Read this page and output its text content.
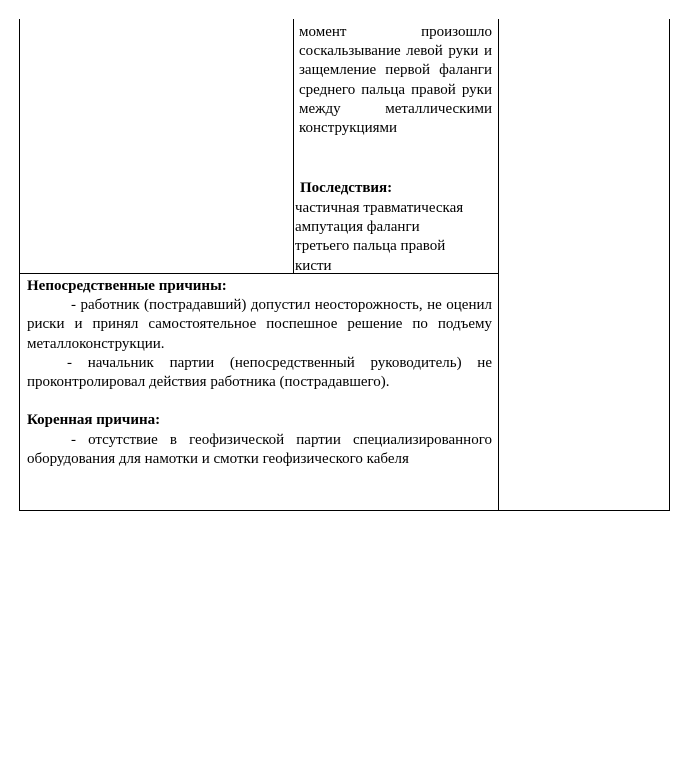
момент произошло соскальзывание левой руки и защемление первой фаланги среднего пальца правой руки между металлическими конструкциями
Последствия:
частичная травматическая
ампутация фаланги
третьего пальца правой
кисти

Непосредственные причины:

- работник (пострадавший) допустил неосторожность, не оценил риски и принял самостоятельное поспешное решение по подъему металлоконструкции.

- начальник партии (непосредственный руководитель) не проконтролировал действия работника (пострадавшего).

Коренная причина:

- отсутствие в геофизической партии специализированного оборудования для намотки и смотки геофизического кабеля
